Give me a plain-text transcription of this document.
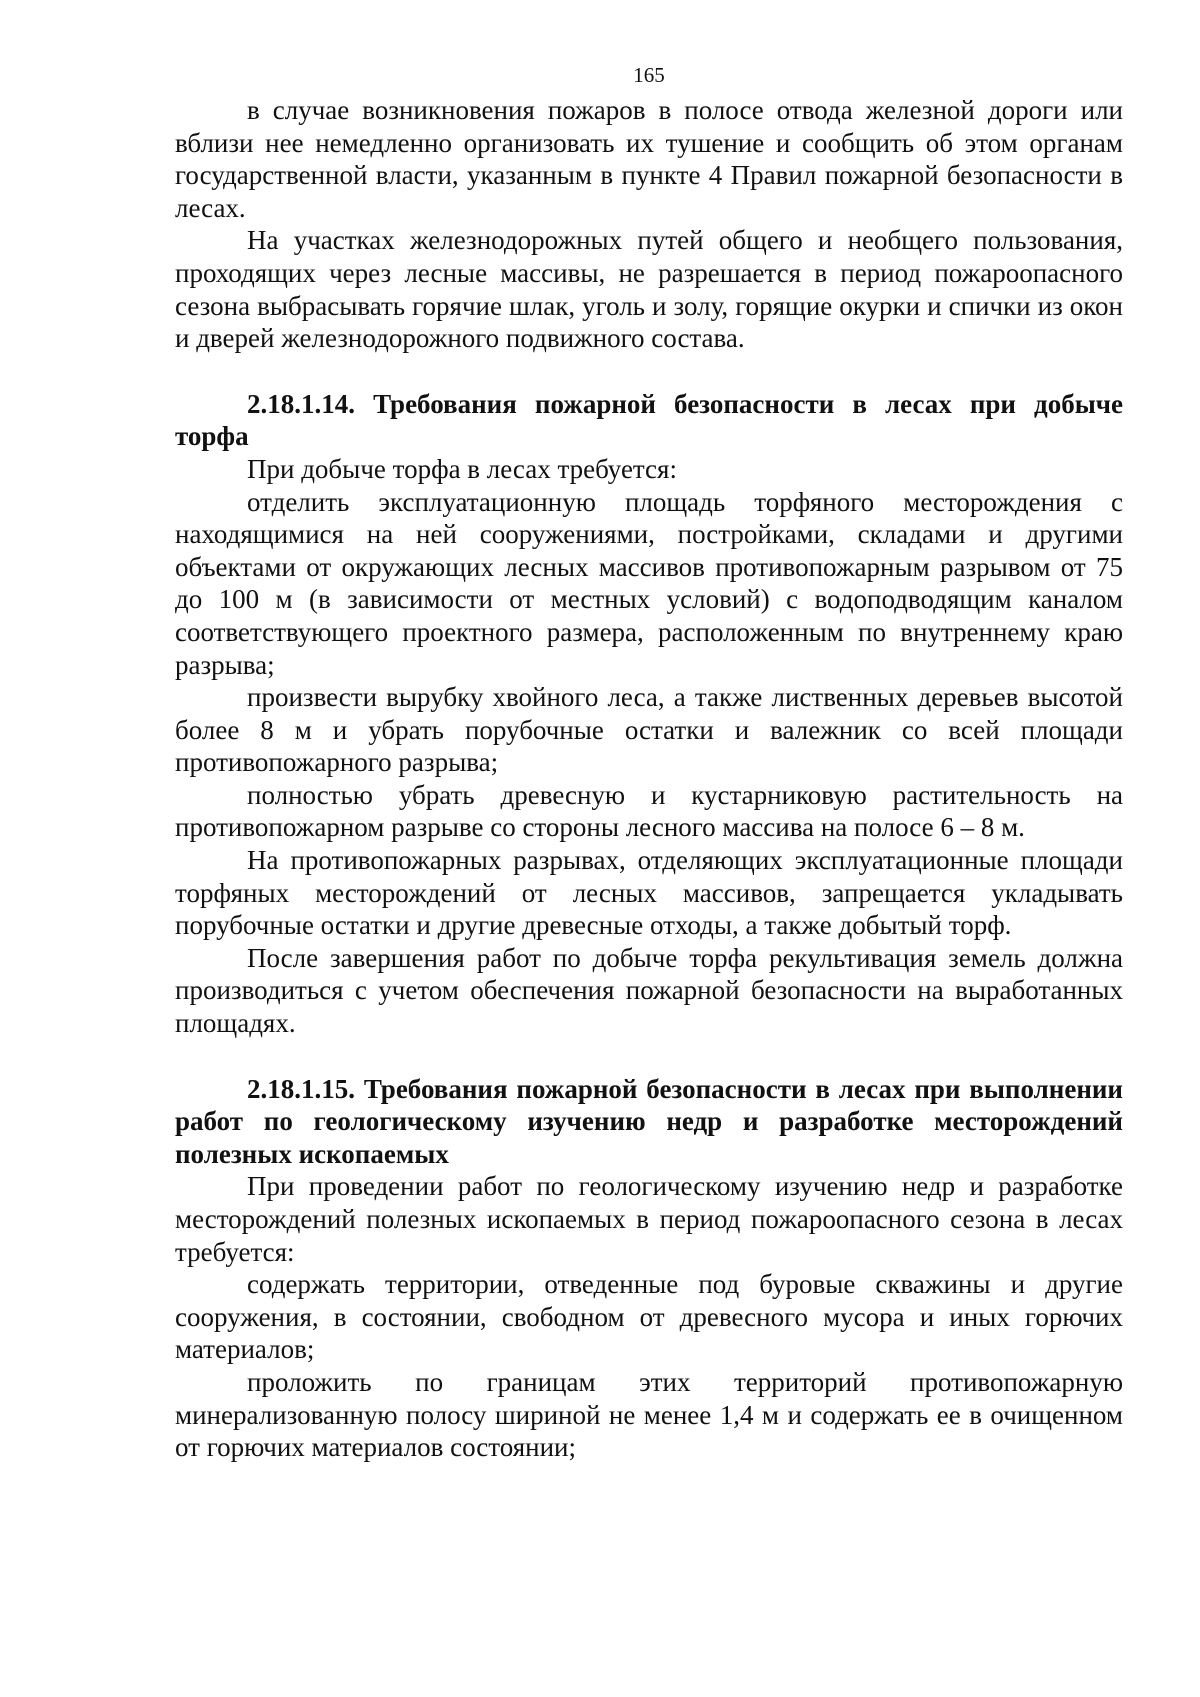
165

в случае возникновения пожаров в полосе отвода железной дороги или вблизи нее немедленно организовать их тушение и сообщить об этом органам государственной власти, указанным в пункте 4 Правил пожарной безопасности в лесах.

На участках железнодорожных путей общего и необщего пользования, проходящих через лесные массивы, не разрешается в период пожароопасного сезона выбрасывать горячие шлак, уголь и золу, горящие окурки и спички из окон и дверей железнодорожного подвижного состава.

2.18.1.14. Требования пожарной безопасности в лесах при добыче торфа

При добыче торфа в лесах требуется:

отделить эксплуатационную площадь торфяного месторождения с находящимися на ней сооружениями, постройками, складами и другими объектами от окружающих лесных массивов противопожарным разрывом от 75 до 100 м (в зависимости от местных условий) с водоподводящим каналом соответствующего проектного размера, расположенным по внутреннему краю разрыва;

произвести вырубку хвойного леса, а также лиственных деревьев высотой более 8 м и убрать порубочные остатки и валежник со всей площади противопожарного разрыва;

полностью убрать древесную и кустарниковую растительность на противопожарном разрыве со стороны лесного массива на полосе 6 – 8 м.

На противопожарных разрывах, отделяющих эксплуатационные площади торфяных месторождений от лесных массивов, запрещается укладывать порубочные остатки и другие древесные отходы, а также добытый торф.

После завершения работ по добыче торфа рекультивация земель должна производиться с учетом обеспечения пожарной безопасности на выработанных площадях.

2.18.1.15. Требования пожарной безопасности в лесах при выполнении работ по геологическому изучению недр и разработке месторождений полезных ископаемых

При проведении работ по геологическому изучению недр и разработке месторождений полезных ископаемых в период пожароопасного сезона в лесах требуется:

содержать территории, отведенные под буровые скважины и другие сооружения, в состоянии, свободном от древесного мусора и иных горючих материалов;

проложить по границам этих территорий противопожарную минерализованную полосу шириной не менее 1,4 м и содержать ее в очищенном от горючих материалов состоянии;
